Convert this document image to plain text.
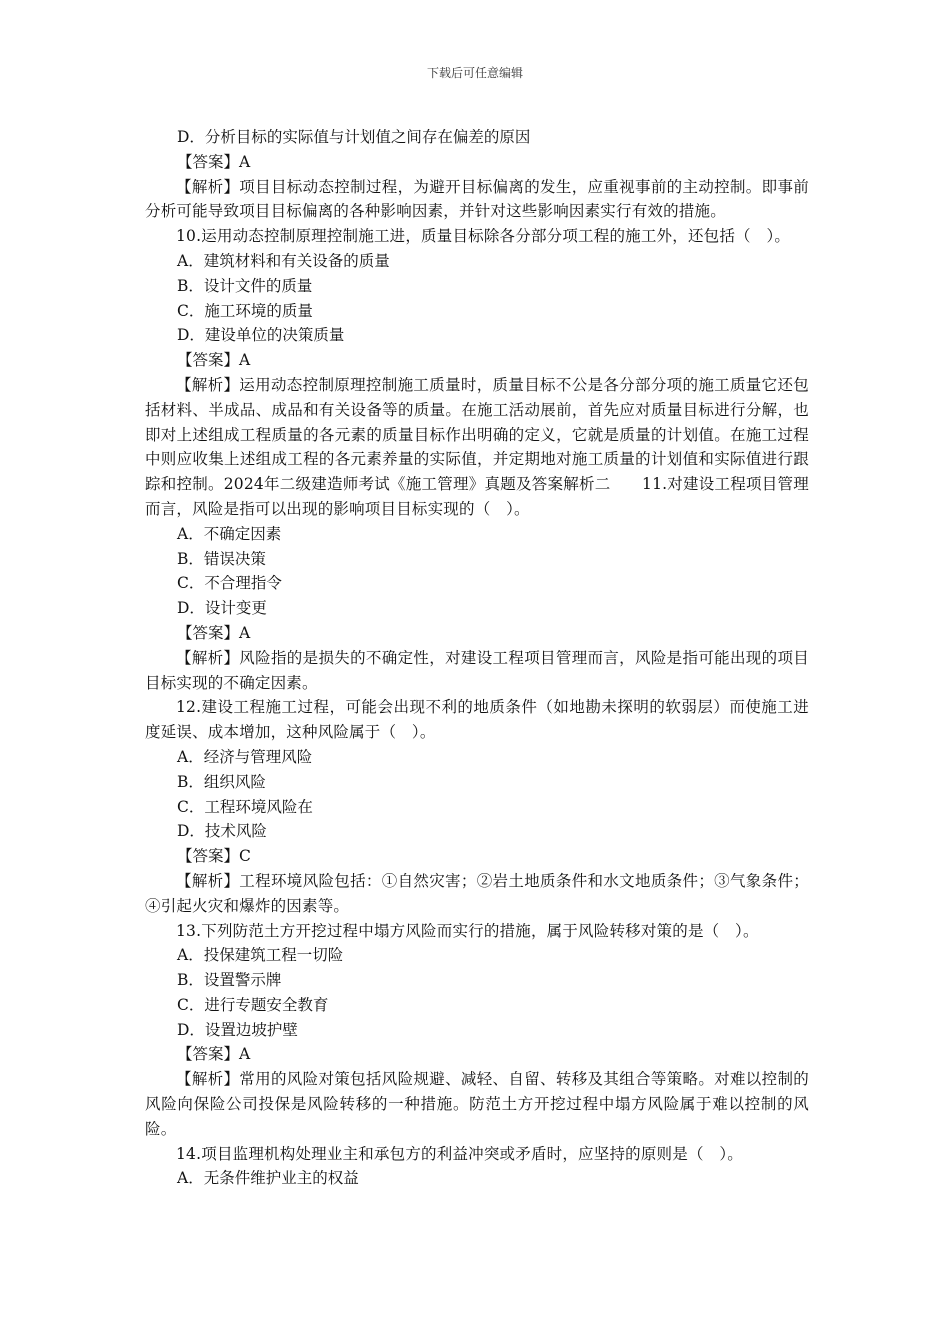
下载后可任意编辑

D．分析目标的实际值与计划值之间存在偏差的原因

【答案】A

【解析】项目目标动态控制过程，为避开目标偏离的发生，应重视事前的主动控制。即事前分析可能导致项目目标偏离的各种影响因素，并针对这些影响因素实行有效的措施。

10.运用动态控制原理控制施工进，质量目标除各分部分项工程的施工外，还包括（　）。

A．建筑材料和有关设备的质量

B．设计文件的质量

C．施工环境的质量

D．建设单位的决策质量

【答案】A

【解析】运用动态控制原理控制施工质量时，质量目标不公是各分部分项的施工质量它还包括材料、半成品、成品和有关设备等的质量。在施工活动展前，首先应对质量目标进行分解，也即对上述组成工程质量的各元素的质量目标作出明确的定义，它就是质量的计划值。在施工过程中则应收集上述组成工程的各元素养量的实际值，并定期地对施工质量的计划值和实际值进行跟踪和控制。2024年二级建造师考试《施工管理》真题及答案解析二　　11.对建设工程项目管理而言，风险是指可以出现的影响项目目标实现的（　）。

A．不确定因素

B．错误决策

C．不合理指令

D．设计变更

【答案】A

【解析】风险指的是损失的不确定性，对建设工程项目管理而言，风险是指可能出现的项目目标实现的不确定因素。

12.建设工程施工过程，可能会出现不利的地质条件（如地勘未探明的软弱层）而使施工进度延误、成本增加，这种风险属于（　）。

A．经济与管理风险

B．组织风险

C．工程环境风险在

D．技术风险

【答案】C

【解析】工程环境风险包括：①自然灾害；②岩土地质条件和水文地质条件；③气象条件；④引起火灾和爆炸的因素等。

13.下列防范土方开挖过程中塌方风险而实行的措施，属于风险转移对策的是（　）。

A．投保建筑工程一切险

B．设置警示牌

C．进行专题安全教育

D．设置边坡护壁

【答案】A

【解析】常用的风险对策包括风险规避、减轻、自留、转移及其组合等策略。对难以控制的风险向保险公司投保是风险转移的一种措施。防范土方开挖过程中塌方风险属于难以控制的风险。

14.项目监理机构处理业主和承包方的利益冲突或矛盾时，应坚持的原则是（　）。

A．无条件维护业主的权益
